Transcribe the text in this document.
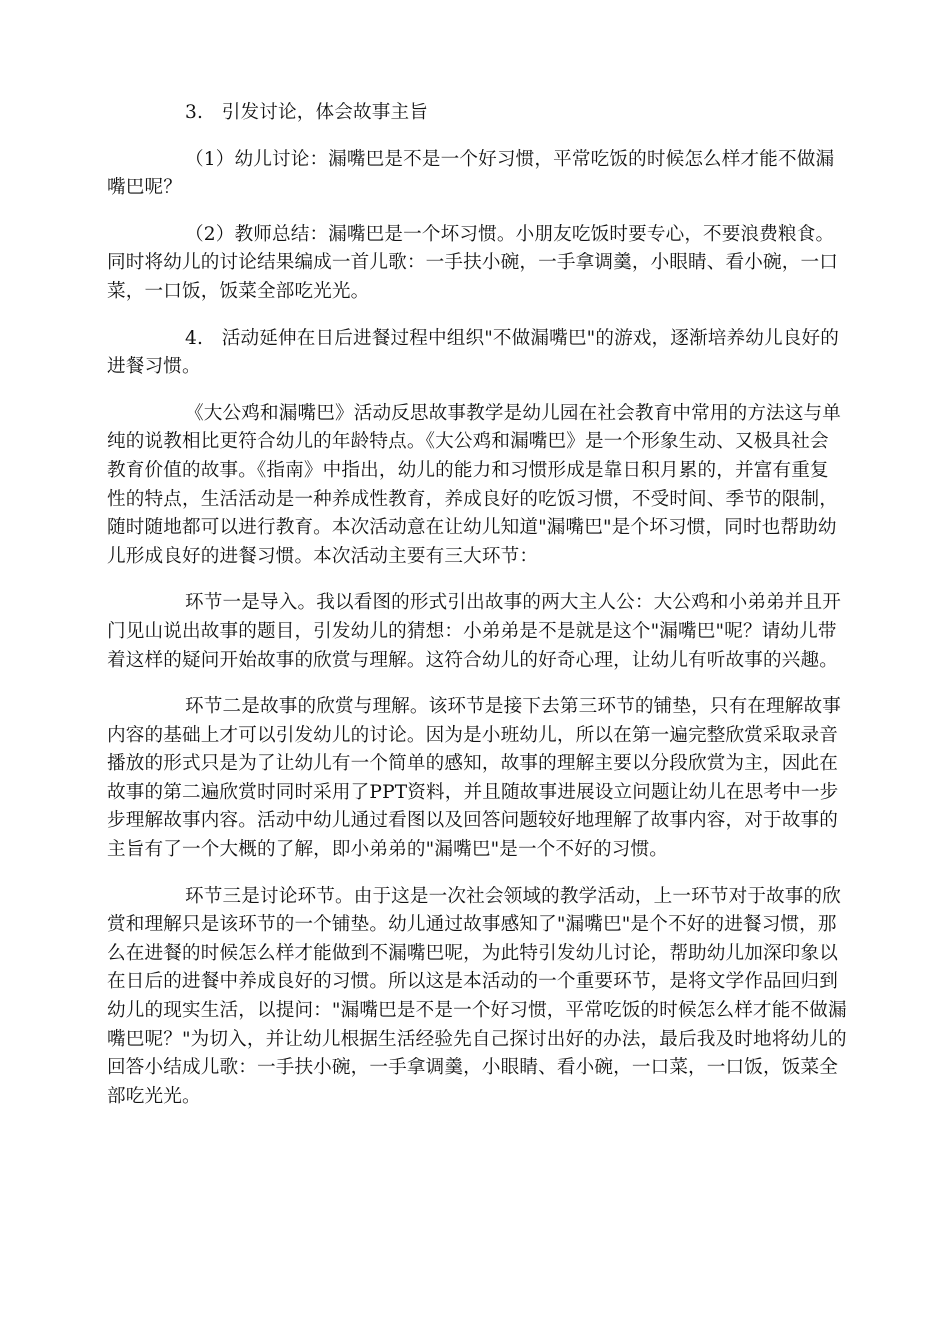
3.　引发讨论，体会故事主旨

（1）幼儿讨论：漏嘴巴是不是一个好习惯，平常吃饭的时候怎么样才能不做漏嘴巴呢？

（2）教师总结：漏嘴巴是一个坏习惯。小朋友吃饭时要专心，不要浪费粮食。同时将幼儿的讨论结果编成一首儿歌：一手扶小碗，一手拿调羹，小眼睛、看小碗，一口菜，一口饭，饭菜全部吃光光。

4.　活动延伸在日后进餐过程中组织"不做漏嘴巴"的游戏，逐渐培养幼儿良好的进餐习惯。

《大公鸡和漏嘴巴》活动反思故事教学是幼儿园在社会教育中常用的方法这与单纯的说教相比更符合幼儿的年龄特点。《大公鸡和漏嘴巴》是一个形象生动、又极具社会教育价值的故事。《指南》中指出，幼儿的能力和习惯形成是靠日积月累的，并富有重复性的特点，生活活动是一种养成性教育，养成良好的吃饭习惯，不受时间、季节的限制，随时随地都可以进行教育。本次活动意在让幼儿知道"漏嘴巴"是个坏习惯，同时也帮助幼儿形成良好的进餐习惯。本次活动主要有三大环节：

环节一是导入。我以看图的形式引出故事的两大主人公：大公鸡和小弟弟并且开门见山说出故事的题目，引发幼儿的猜想：小弟弟是不是就是这个"漏嘴巴"呢？请幼儿带着这样的疑问开始故事的欣赏与理解。这符合幼儿的好奇心理，让幼儿有听故事的兴趣。

环节二是故事的欣赏与理解。该环节是接下去第三环节的铺垫，只有在理解故事内容的基础上才可以引发幼儿的讨论。因为是小班幼儿，所以在第一遍完整欣赏采取录音播放的形式只是为了让幼儿有一个简单的感知，故事的理解主要以分段欣赏为主，因此在故事的第二遍欣赏时同时采用了PPT资料，并且随故事进展设立问题让幼儿在思考中一步步理解故事内容。活动中幼儿通过看图以及回答问题较好地理解了故事内容，对于故事的主旨有了一个大概的了解，即小弟弟的"漏嘴巴"是一个不好的习惯。

环节三是讨论环节。由于这是一次社会领域的教学活动，上一环节对于故事的欣赏和理解只是该环节的一个铺垫。幼儿通过故事感知了"漏嘴巴"是个不好的进餐习惯，那么在进餐的时候怎么样才能做到不漏嘴巴呢，为此特引发幼儿讨论，帮助幼儿加深印象以在日后的进餐中养成良好的习惯。所以这是本活动的一个重要环节，是将文学作品回归到幼儿的现实生活，以提问："漏嘴巴是不是一个好习惯，平常吃饭的时候怎么样才能不做漏嘴巴呢？"为切入，并让幼儿根据生活经验先自己探讨出好的办法，最后我及时地将幼儿的回答小结成儿歌：一手扶小碗，一手拿调羹，小眼睛、看小碗，一口菜，一口饭，饭菜全部吃光光。
